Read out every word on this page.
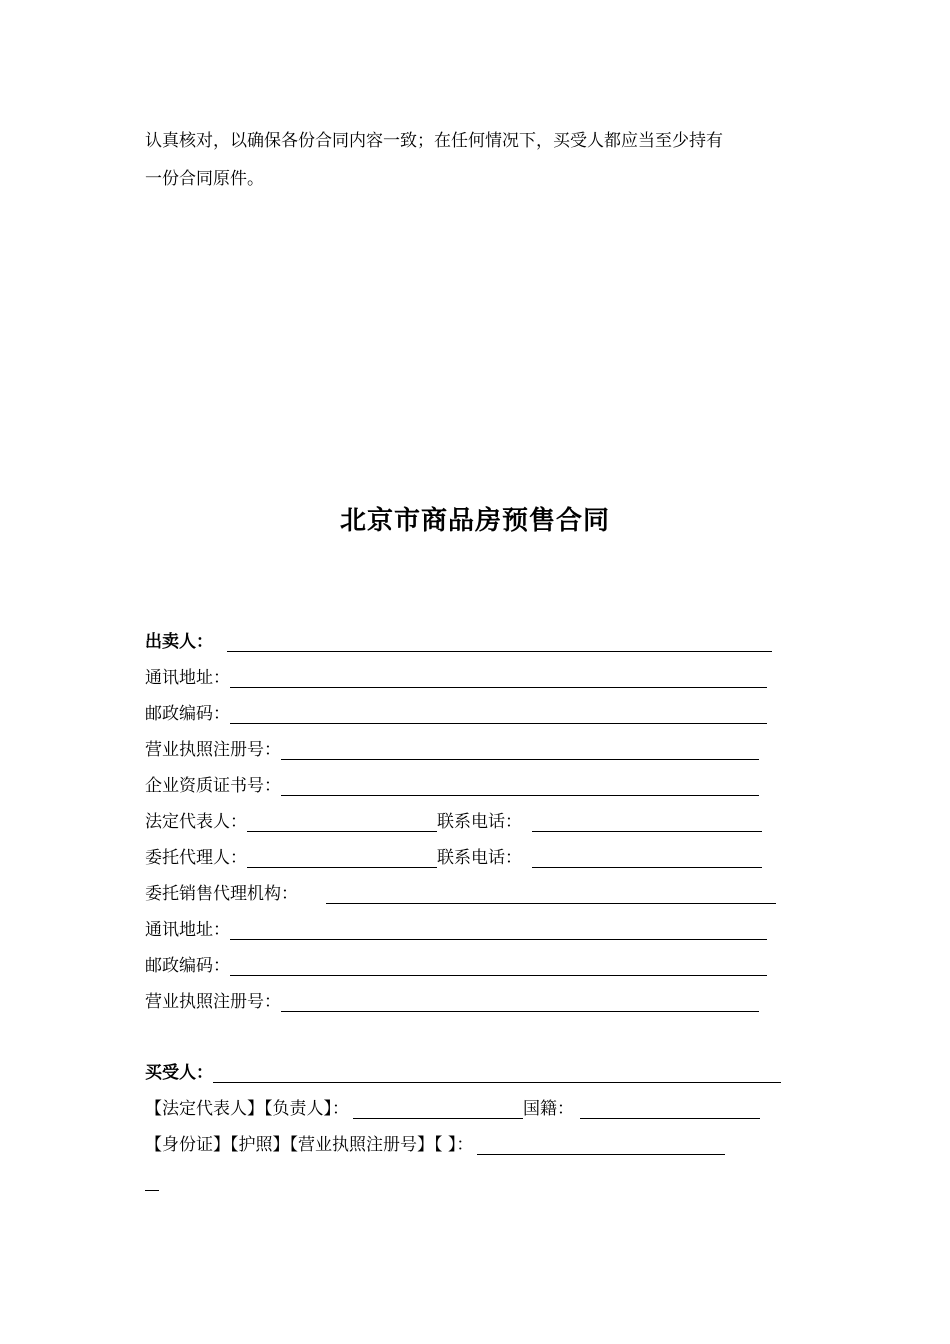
认真核对，以确保各份合同内容一致；在任何情况下，买受人都应当至少持有
一份合同原件。
北京市商品房预售合同
出卖人：
通讯地址：
邮政编码：
营业执照注册号：
企业资质证书号：
法定代表人：	联系电话：
委托代理人：	联系电话：
委托销售代理机构：
通讯地址：
邮政编码：
营业执照注册号：
买受人：
【法定代表人】【负责人】：	国籍：
【身份证】【护照】【营业执照注册号】【 】：
